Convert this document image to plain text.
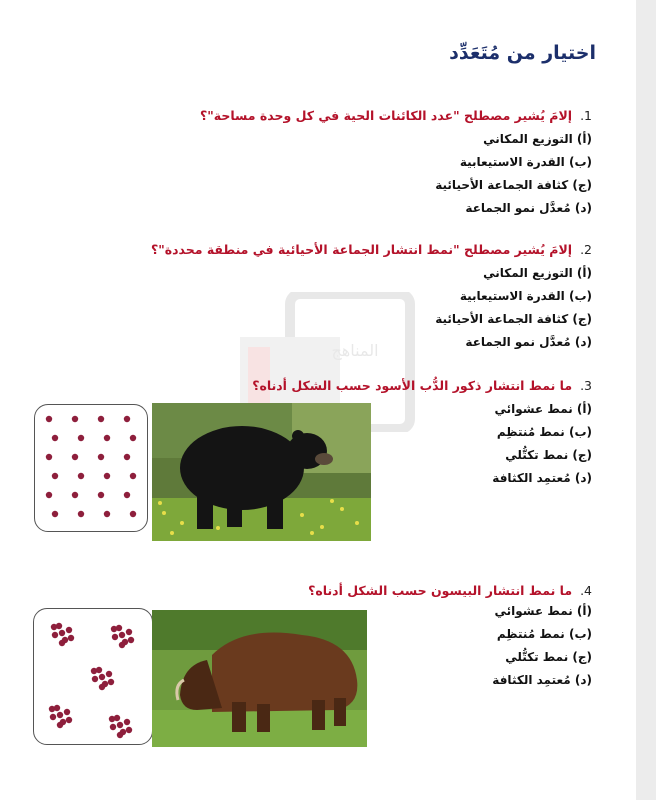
المناهج
اختيار من مُتَعَدِّد
1.إلامَ يُشير مصطلح "عدد الكائنات الحية في كل وحدة مساحة"؟
(أ) التوزيع المكاني
(ب) القدرة الاستيعابية
(ج) كثافة الجماعة الأحيائية
(د) مُعدَّل نمو الجماعة
2.إلامَ يُشير مصطلح "نمط انتشار الجماعة الأحيائية في منطقة محددة"؟
(أ) التوزيع المكاني
(ب) القدرة الاستيعابية
(ج) كثافة الجماعة الأحيائية
(د) مُعدَّل نمو الجماعة
3.ما نمط انتشار ذكور الدُّب الأسود حسب الشكل أدناه؟
(أ) نمط عشوائي
(ب) نمط مُنتظِم
(ج) نمط تكتُّلي
(د) مُعتمِد الكثافة
4.ما نمط انتشار البيسون حسب الشكل أدناه؟
(أ) نمط عشوائي
(ب) نمط مُنتظِم
(ج) نمط تكتُّلي
(د) مُعتمِد الكثافة
